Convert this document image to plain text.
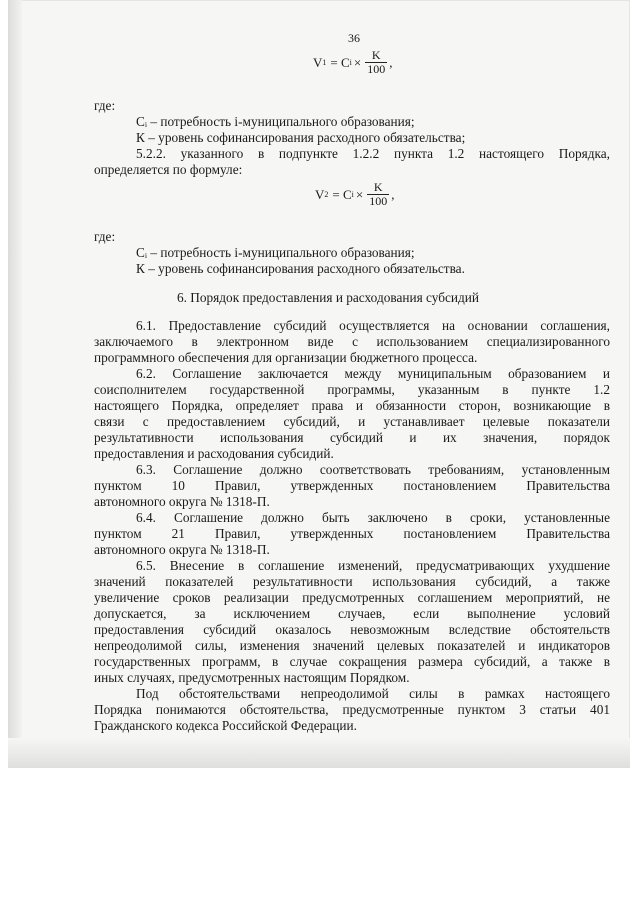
36
V 1 = C $i \times \frac{K}{100}$ ,
где:
Cᵢ – потребность i-муниципального образования;
К – уровень софинансирования расходного обязательства;
5.2.2. указанного в подпункте 1.2.2 пункта 1.2 настоящего Порядка,
определяется по формуле:
V 2 = C $i \times \frac{K}{100}$ ,
где:
Cᵢ – потребность i-муниципального образования;
К – уровень софинансирования расходного обязательства.
6. Порядок предоставления и расходования субсидий
6.1. Предоставление субсидий осуществляется на основании соглашения,
заключаемого в электронном виде с использованием специализированного
программного обеспечения для организации бюджетного процесса.
6.2. Соглашение заключается между муниципальным образованием и
соисполнителем государственной программы, указанным в пункте 1.2
настоящего Порядка, определяет права и обязанности сторон, возникающие в
связи с предоставлением субсидий, и устанавливает целевые показатели
результативности использования субсидий и их значения, порядок
предоставления и расходования субсидий.
6.3. Соглашение должно соответствовать требованиям, установленным
пунктом 10 Правил, утвержденных постановлением Правительства
автономного округа № 1318-П.
6.4. Соглашение должно быть заключено в сроки, установленные
пунктом 21 Правил, утвержденных постановлением Правительства
автономного округа № 1318-П.
6.5. Внесение в соглашение изменений, предусматривающих ухудшение
значений показателей результативности использования субсидий, а также
увеличение сроков реализации предусмотренных соглашением мероприятий, не
допускается, за исключением случаев, если выполнение условий
предоставления субсидий оказалось невозможным вследствие обстоятельств
непреодолимой силы, изменения значений целевых показателей и индикаторов
государственных программ, в случае сокращения размера субсидий, а также в
иных случаях, предусмотренных настоящим Порядком.
Под обстоятельствами непреодолимой силы в рамках настоящего
Порядка понимаются обстоятельства, предусмотренные пунктом 3 статьи 401
Гражданского кодекса Российской Федерации.
